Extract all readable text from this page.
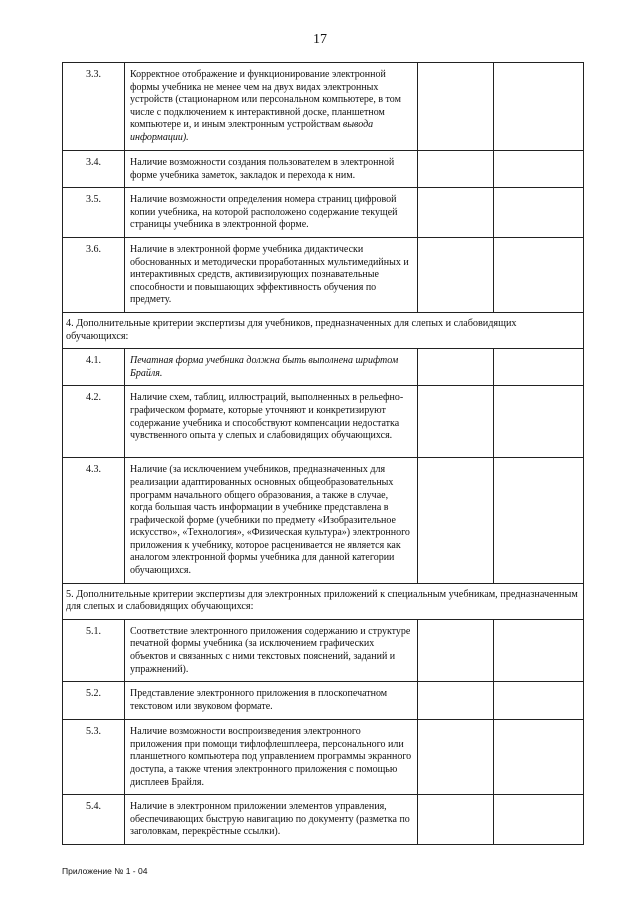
17
3.3.	Корректное отображение и функционирование электронной формы учебника не менее чем на двух видах электронных устройств (стационарном или персональном компьютере, в том числе с подключением к интерактивной доске, планшетном компьютере и, и иным электронным устройствам вывода информации).		
3.4.	Наличие возможности создания пользователем в электронной форме учебника заметок, закладок и перехода к ним.		
3.5.	Наличие возможности определения номера страниц цифровой копии учебника, на которой расположено содержание текущей страницы учебника в электронной форме.		
3.6.	Наличие в электронной форме учебника дидактически обоснованных и методически проработанных мультимедийных и интерактивных средств, активизирующих познавательные способности и повышающих эффективность обучения по предмету.		
4. Дополнительные критерии экспертизы для учебников, предназначенных для слепых и слабовидящих обучающихся:			
4.1.	Печатная форма учебника должна быть выполнена шрифтом Брайля.		
4.2.	Наличие схем, таблиц, иллюстраций, выполненных в рельефно-графическом формате, которые уточняют и конкретизируют содержание учебника и способствуют компенсации недостатка чувственного опыта у слепых и слабовидящих обучающихся.		
4.3.	Наличие (за исключением учебников, предназначенных для реализации адаптированных основных общеобразовательных программ начального общего образования, а также в случае, когда большая часть информации в учебнике представлена в графической форме (учебники по предмету «Изобразительное искусство», «Технология», «Физическая культура») электронного приложения к учебнику, которое расценивается не является как аналогом электронной формы учебника для данной категории обучающихся.		
5. Дополнительные критерии экспертизы для электронных приложений к специальным учебникам, предназначенным для слепых и слабовидящих обучающихся:			
5.1.	Соответствие электронного приложения содержанию и структуре печатной формы учебника (за исключением графических объектов и связанных с ними текстовых пояснений, заданий и упражнений).		
5.2.	Представление электронного приложения в плоскопечатном текстовом или звуковом формате.		
5.3.	Наличие возможности воспроизведения электронного приложения при помощи тифлофлешплеера, персонального или планшетного компьютера под управлением программы экранного доступа, а также чтения электронного приложения с помощью дисплеев Брайля.		
5.4.	Наличие в электронном приложении элементов управления, обеспечивающих быструю навигацию по документу (разметка по заголовкам, перекрёстные ссылки).		
Приложение № 1 - 04
